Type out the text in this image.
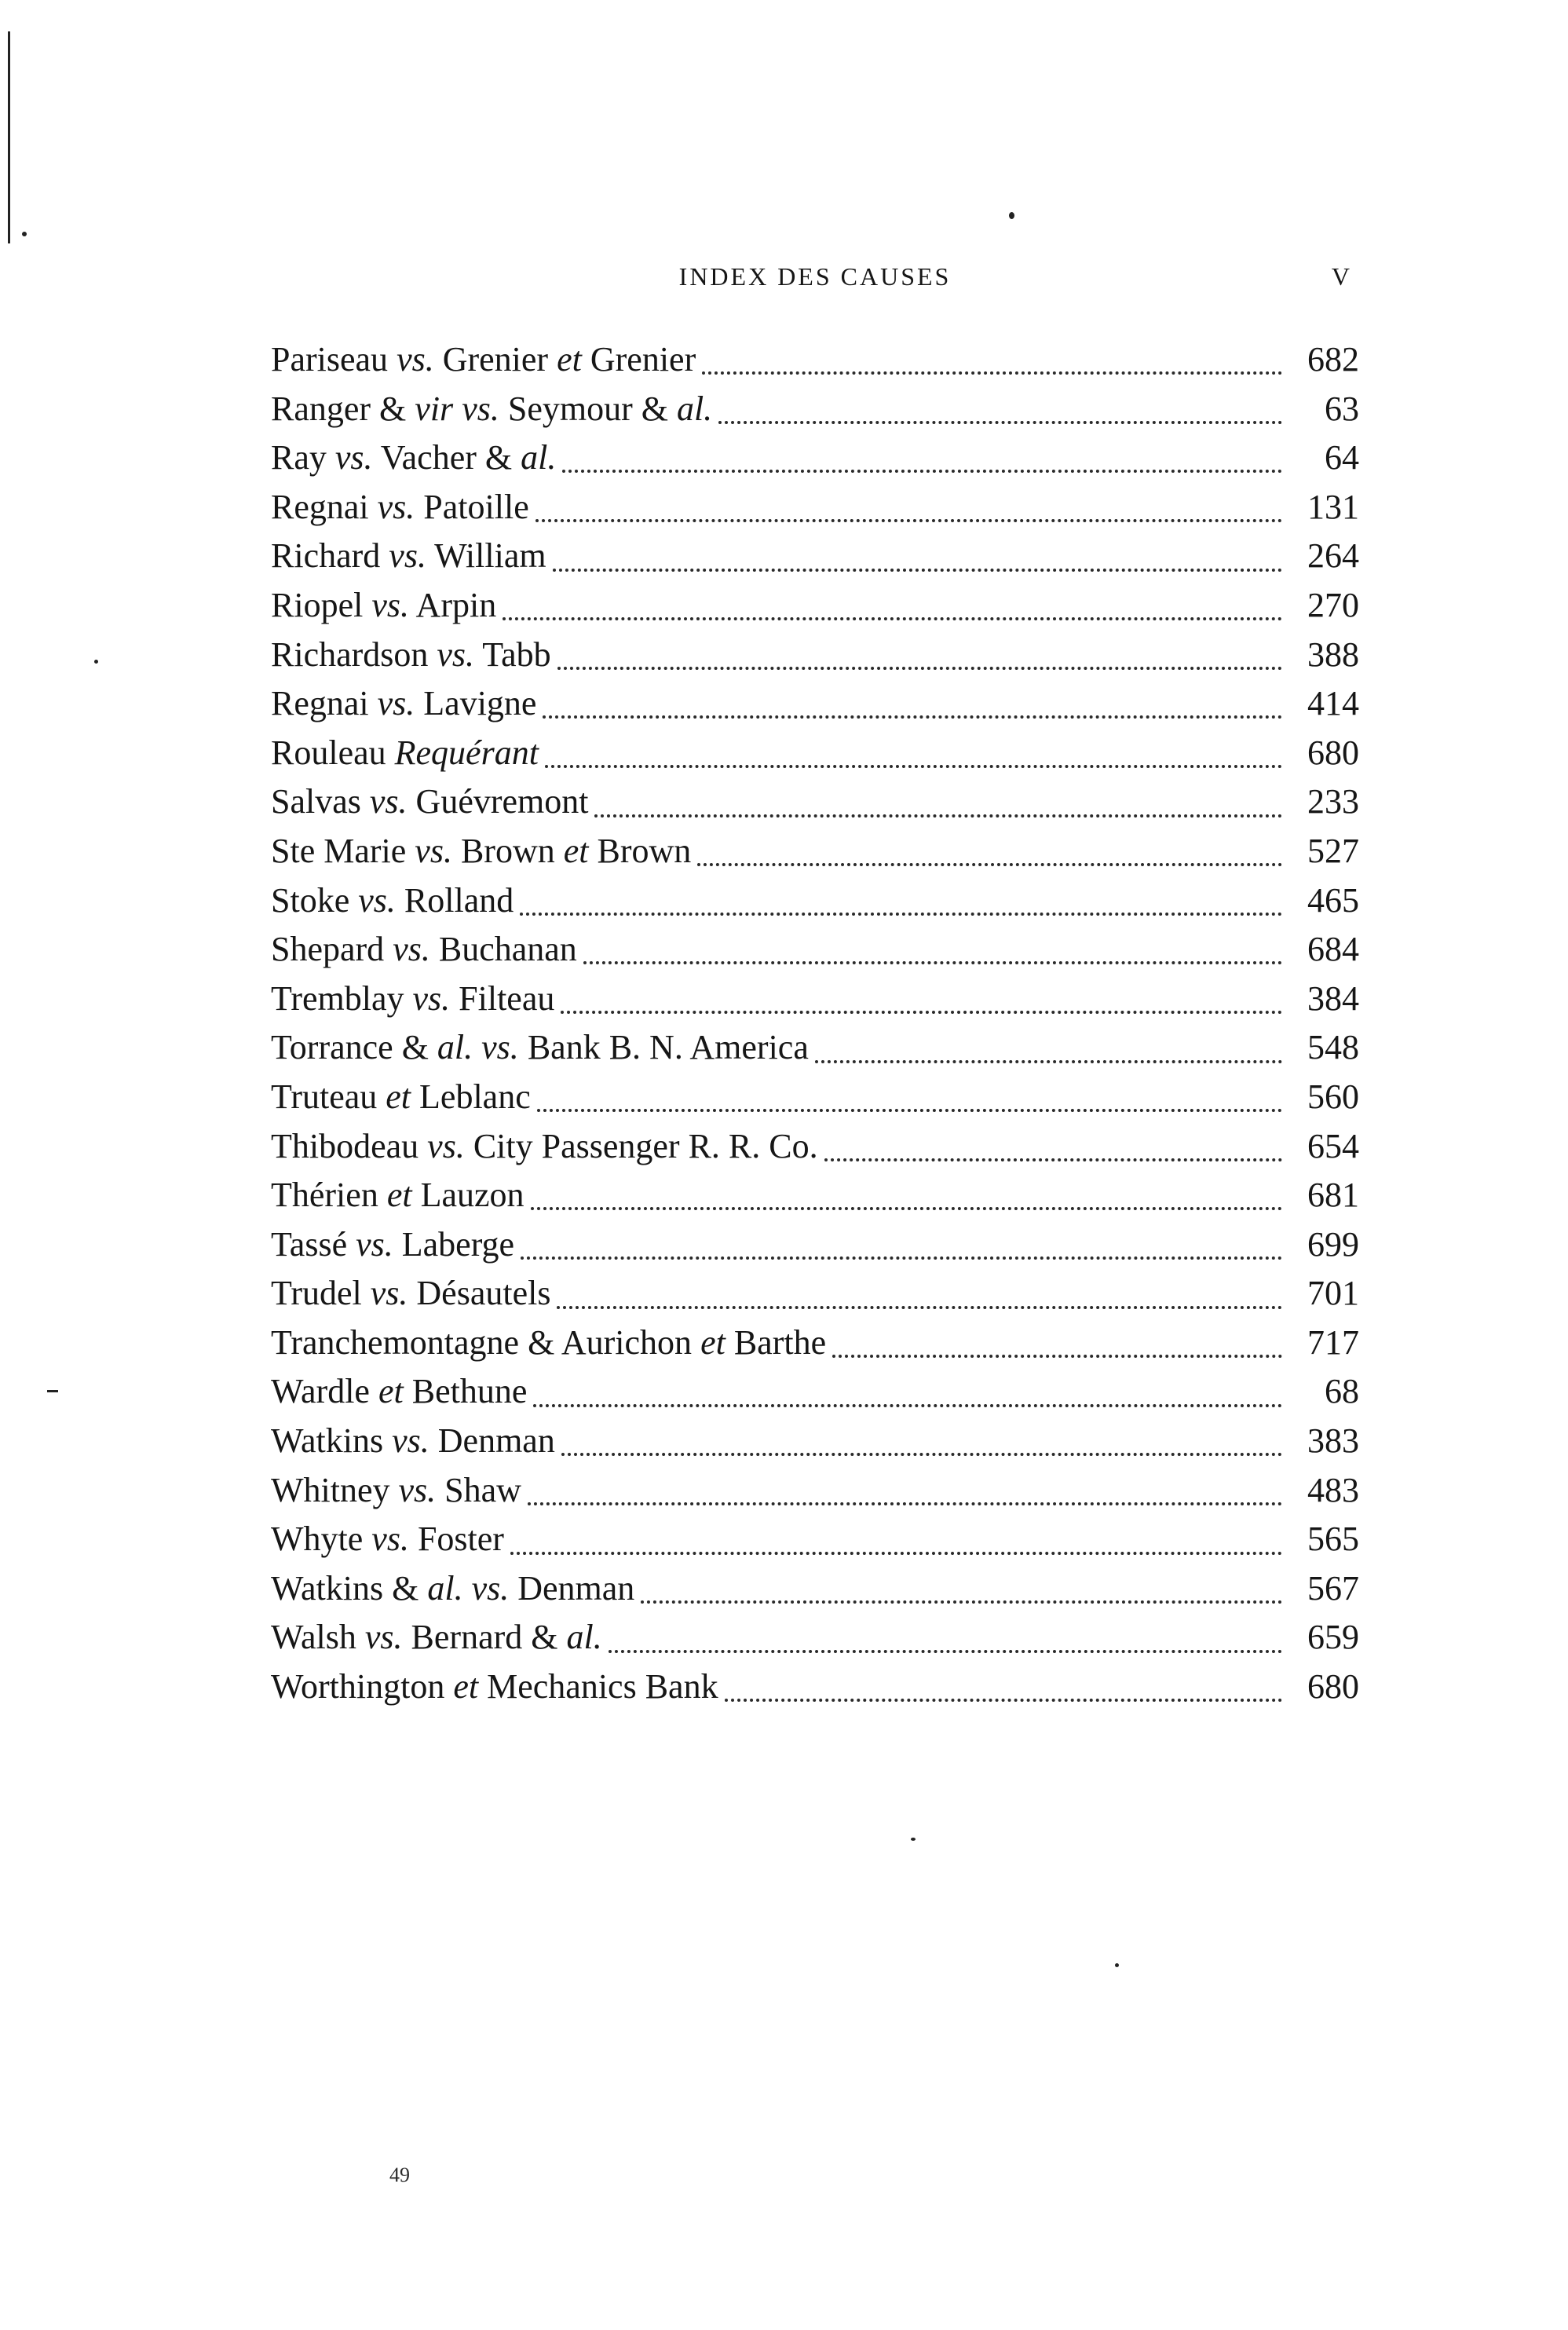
INDEX DES CAUSES	V
Pariseau vs. Grenier et Grenier	682
Ranger & vir vs. Seymour & al.	63
Ray vs. Vacher & al.	64
Regnai vs. Patoille	131
Richard vs. William	264
Riopel vs. Arpin	270
Richardson vs. Tabb	388
Regnai vs. Lavigne	414
Rouleau Requérant	680
Salvas vs. Guévremont	233
Ste Marie vs. Brown et Brown	527
Stoke vs. Rolland	465
Shepard vs. Buchanan	684
Tremblay vs. Filteau	384
Torrance & al. vs. Bank B. N. America	548
Truteau et Leblanc	560
Thibodeau vs. City Passenger R. R. Co.	654
Thérien et Lauzon	681
Tassé vs. Laberge	699
Trudel vs. Désautels	701
Tranchemontagne & Aurichon et Barthe	717
Wardle et Bethune	68
Watkins vs. Denman	383
Whitney vs. Shaw	483
Whyte vs. Foster	565
Watkins & al. vs. Denman	567
Walsh vs. Bernard & al.	659
Worthington et Mechanics Bank	680
49
